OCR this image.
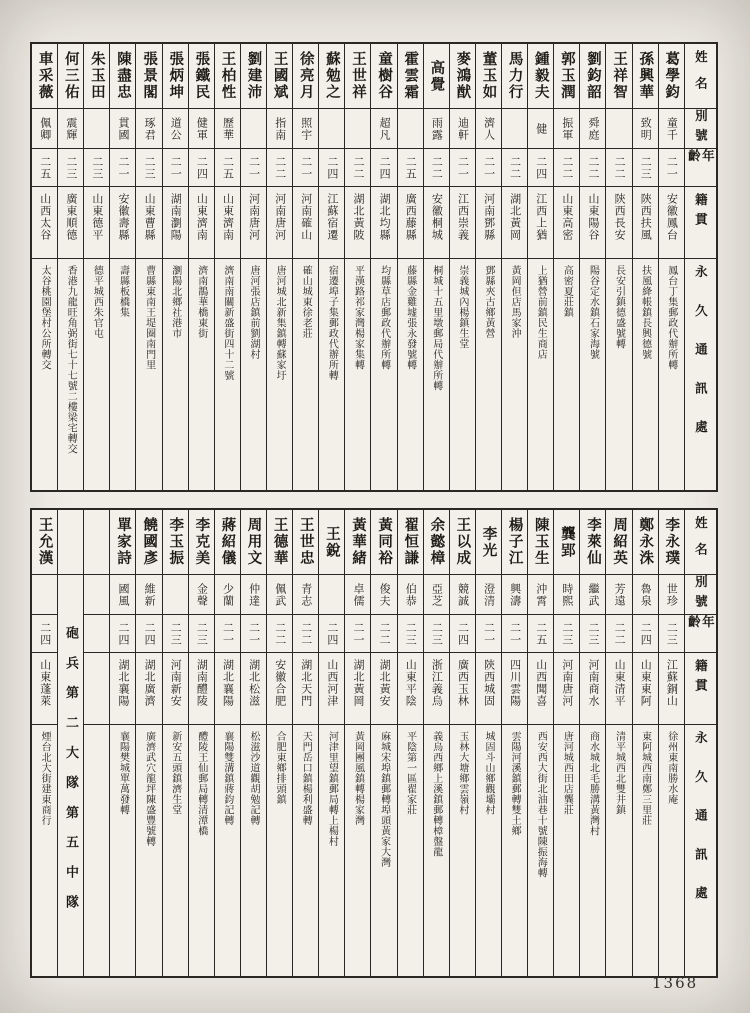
車采薇
佩卿
二五
山西太谷
太谷桃園堡村公所轉交
何三佑
震輝
二三
廣東順德
香港九龍旺角弼街七十七號二樓梁宅轉交
朱玉田
二三
山東德平
德平城西朱官屯
陳盡忠
貫國
二一
安徽壽縣
壽縣板橋集
張景閣
琢君
二三
山東曹縣
曹縣東南王堤圈南門里
張炳坤
道公
二一
湖南瀏陽
瀏陽北鄉社港市
張鐵民
健軍
二四
山東濟南
濟南鵲華橋東街
王柏性
歷華
二五
山東濟南
濟南南關新盛街四十二號
劉建沛
二一
河南唐河
唐河張店鎮前劉湖村
王國斌
指南
二二
河南唐河
唐河城北新集鎮轉蘇家圩
徐亮月
照宇
二一
河南確山
確山城東徐老莊
蘇勉之
二四
江蘇宿遷
宿遷埠子集郵政代辦所轉
王世祥
二二
湖北黃陂
平漢路祁家灣楊家集轉
童樹谷
超凡
二四
湖北均縣
均縣草店郵政代辦所轉
霍雲霜
二五
廣西藤縣
藤縣金雞墟張永發號轉
高覺
雨露
二二
安徽桐城
桐城十五里墩郵局代辦所轉
麥鴻猷
迪軒
二一
江西崇義
崇義城內楊鎮生堂
董玉如
濟人
二一
河南鄧縣
鄧縣夾古鄉黃營
馬力行
二二
湖北黃岡
黃岡但店馬家沖
鍾毅夫
健
二四
江西上猶
上猶營前鎮民生商店
郭玉潤
振軍
二二
山東高密
高密夏莊鎮
劉鈞韶
舜庭
二二
山東陽谷
陽谷定水鎮石家海號
王祥智
二二
陝西長安
長安引鎮德盛號轉
孫興華
致明
二三
陝西扶風
扶風絳帳鎮長興德號
葛學鈞
童千
二一
安徽鳳台
鳳台丁集郵政代辦所轉
姓名
別號
年齡
籍貫
永久通訊處
王允漢
二四
山東蓬萊
煙台北大街建東商行 砲兵第二大隊第五中隊
單家詩
國風
二四
湖北襄陽
襄陽樊城單萬發轉
饒國彥
維新
二四
湖北廣濟
廣濟武穴龍坪陳盛豐號轉
李玉振
二三
河南新安
新安五頭鎮濟生堂
李克美
金聲
二三
湖南醴陵
醴陵王仙郵局轉清潭橋
蔣紹儀
少蘭
二一
湖北襄陽
襄陽雙溝鎮蔣鈞記轉
周用文
仲達
二一
湖北松滋
松滋沙道觀胡勉記轉
王德華
佩武
二二
安徽合肥
合肥東鄉排頭鎮
王世忠
青志
二二
湖北天門
天門岳口鎮楊利盛轉
王銳
二四
山西河津
河津里望鎮郵局轉上楊村
黃華緒
卓儒
二一
湖北黃岡
黃岡團風鎮轉楊家灣
黃同裕
俊夫
二二
湖北黃安
麻城宋埠鎮郵轉埠頭黃家大灣
翟恒謙
伯恭
二三
山東平陰
平陰第一區翟家莊
余懿樟
亞芝
二三
浙江義烏
義烏西鄉上溪鎮郵轉樟盤龍
王以成
競誠
二四
廣西玉林
玉林大塘鄉雲嶺村
李光
澄清
二一
陝西城固
城固斗山鄉觀壩村
楊子江
興濤
二一
四川雲陽
雲陽河溪鎮郵轉雙土鄉
陳玉生
沖霄
二五
山西聞喜
西安西大街北油巷十號陳振海轉
龔郢
時熙
二三
河南唐河
唐河城西田店龔莊
李萊仙
繼武
二三
河南商水
商水城北毛勝溝黃灣村
周紹英
芳遠
二二
山東清平
清平城西北雙井鎮
鄭永洙
魯泉
二四
山東東阿
東阿城西南鄭三里莊
李永璞
世珍
二三
江蘇銅山
徐州東南勝水庵
姓名
別號
年齡
籍貫
永久通訊處
1368
